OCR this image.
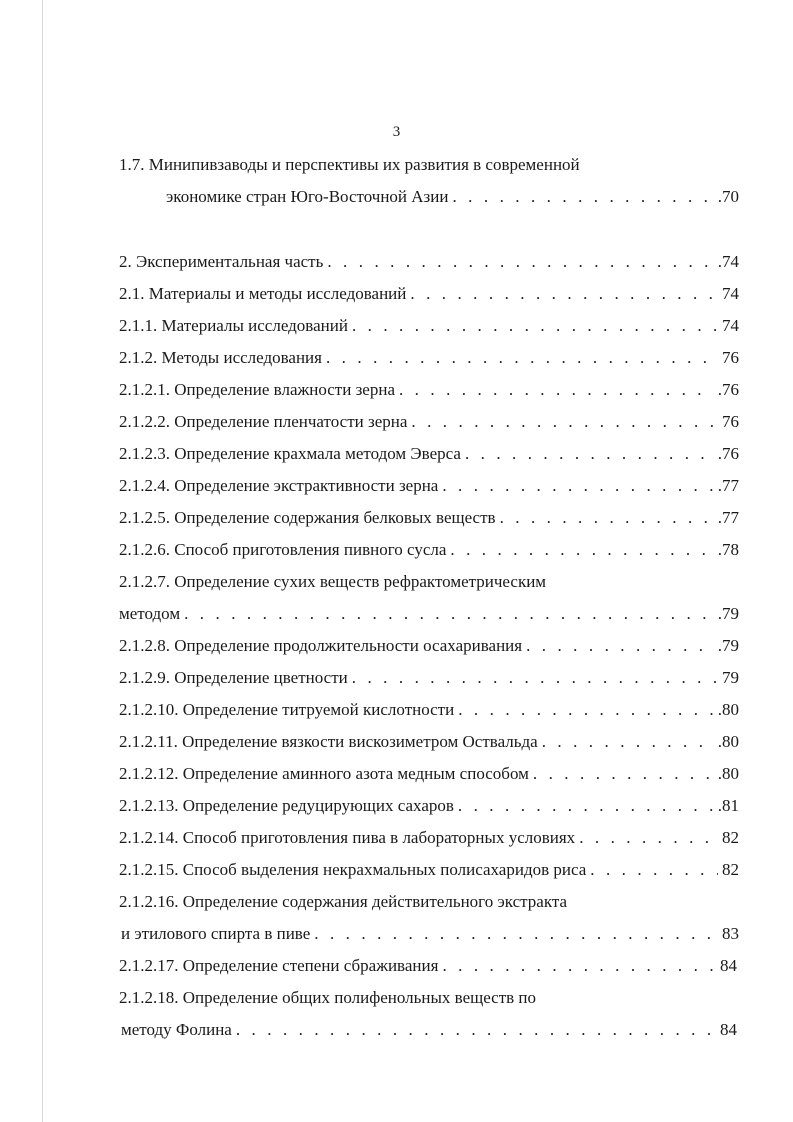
3
1.7. Минипивзаводы и перспективы их развития в современной
экономике стран Юго-Восточной Азии . . .	.70
2. Экспериментальная часть . . .	.74
2.1. Материалы и методы исследований . . .	74
2.1.1. Материалы исследований . . .	74
2.1.2. Методы исследования . . .	76
2.1.2.1. Определение влажности зерна . . .	.76
2.1.2.2. Определение пленчатости зерна . . .	76
2.1.2.3. Определение крахмала методом Эверса . . .	.76
2.1.2.4. Определение экстрактивности зерна . . .	.77
2.1.2.5. Определение содержания белковых веществ . . .	.77
2.1.2.6. Способ приготовления пивного сусла . . .	.78
2.1.2.7. Определение сухих веществ рефрактометрическим
методом . . .	.79
2.1.2.8. Определение продолжительности осахаривания . . .	.79
2.1.2.9. Определение цветности . . .	79
2.1.2.10. Определение титруемой кислотности . . .	.80
2.1.2.11. Определение вязкости вискозиметром Оствальда . . .	.80
2.1.2.12. Определение аминного азота медным способом . . .	.80
2.1.2.13. Определение редуцирующих сахаров . . .	.81
2.1.2.14. Способ приготовления пива в лабораторных условиях . . .	82
2.1.2.15. Способ выделения некрахмальных полисахаридов риса . . .	82
2.1.2.16. Определение содержания действительного экстракта
и этилового спирта в пиве . . .	83
2.1.2.17. Определение степени сбраживания . . .	84
2.1.2.18. Определение общих полифенольных веществ по
методу Фолина . . .	84
